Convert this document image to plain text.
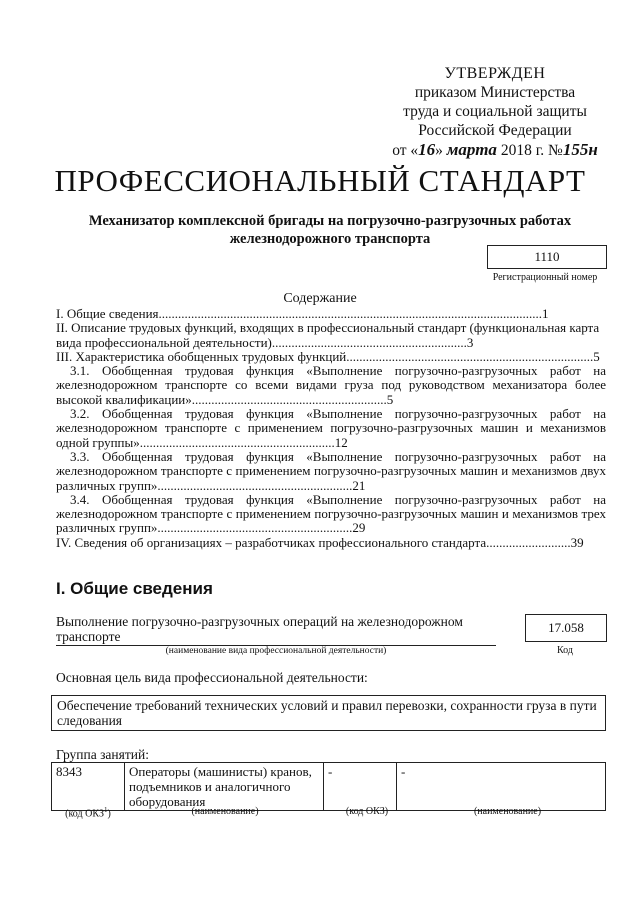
УТВЕРЖДЕН
приказом Министерства
труда и социальной защиты
Российской Федерации
от «16» марта 2018 г. №155н
ПРОФЕССИОНАЛЬНЫЙ СТАНДАРТ
Механизатор комплексной бригады на погрузочно-разгрузочных работах железнодорожного транспорта
1110
Регистрационный номер
Содержание
I. Общие сведения......................................................................................................................1
II. Описание трудовых функций, входящих в профессиональный стандарт (функциональная карта вида профессиональной деятельности)............................................................3
III. Характеристика обобщенных трудовых функций............................................................................5
3.1. Обобщенная трудовая функция «Выполнение погрузочно-разгрузочных работ на железнодорожном транспорте со всеми видами груза под руководством механизатора более высокой квалификации»............................................................5
3.2. Обобщенная трудовая функция «Выполнение погрузочно-разгрузочных работ на железнодорожном транспорте с применением погрузочно-разгрузочных машин и механизмов одной группы»............................................................12
3.3. Обобщенная трудовая функция «Выполнение погрузочно-разгрузочных работ на железнодорожном транспорте с применением погрузочно-разгрузочных машин и механизмов двух различных групп»............................................................21
3.4. Обобщенная трудовая функция «Выполнение погрузочно-разгрузочных работ на железнодорожном транспорте с применением погрузочно-разгрузочных машин и механизмов трех различных групп»............................................................29
IV. Сведения об организациях – разработчиках профессионального стандарта..........................39
I. Общие сведения
Выполнение погрузочно-разгрузочных операций на железнодорожном транспорте
(наименование вида профессиональной деятельности)
17.058
Код
Основная цель вида профессиональной деятельности:
Обеспечение требований технических условий и правил перевозки, сохранности груза в пути следования
Группа занятий:
8343	Операторы (машинисты) кранов, подъемников и аналогичного оборудования	-	-
(код ОКЗ$^1$)	(наименование)	(код ОКЗ)	(наименование)
